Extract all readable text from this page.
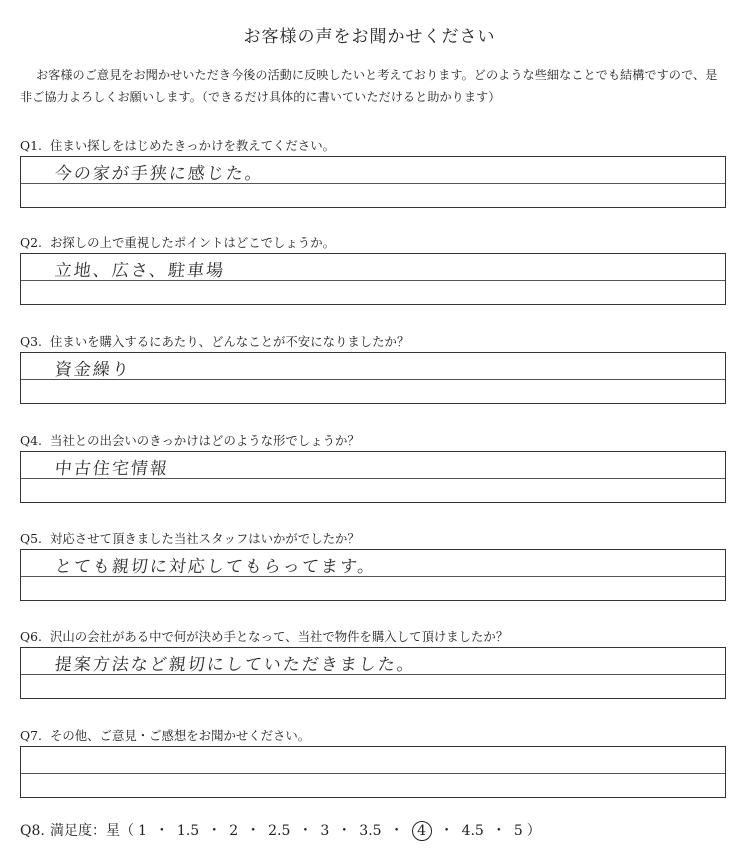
お客様の声をお聞かせください
お客様のご意見をお聞かせいただき今後の活動に反映したいと考えております。どのような些細なことでも結構ですので、是非ご協力よろしくお願いします。（できるだけ具体的に書いていただけると助かります）
Q1. 住まい探しをはじめたきっかけを教えてください。
今の家が手狭に感じた。
Q2. お探しの上で重視したポイントはどこでしょうか。
立地、広さ、駐車場
Q3. 住まいを購入するにあたり、どんなことが不安になりましたか？
資金繰り
Q4. 当社との出会いのきっかけはどのような形でしょうか？
中古住宅情報
Q5. 対応させて頂きました当社スタッフはいかがでしたか？
とても親切に対応してもらってます。
Q6. 沢山の会社がある中で何が決め手となって、当社で物件を購入して頂けましたか？
提案方法など親切にしていただきました。
Q7. その他、ご意見・ご感想をお聞かせください。
Q8. 満足度：星（ 1 ・ 1.5 ・ 2 ・ 2.5 ・ 3 ・ 3.5 ・ 4 ・ 4.5 ・ 5 ）
